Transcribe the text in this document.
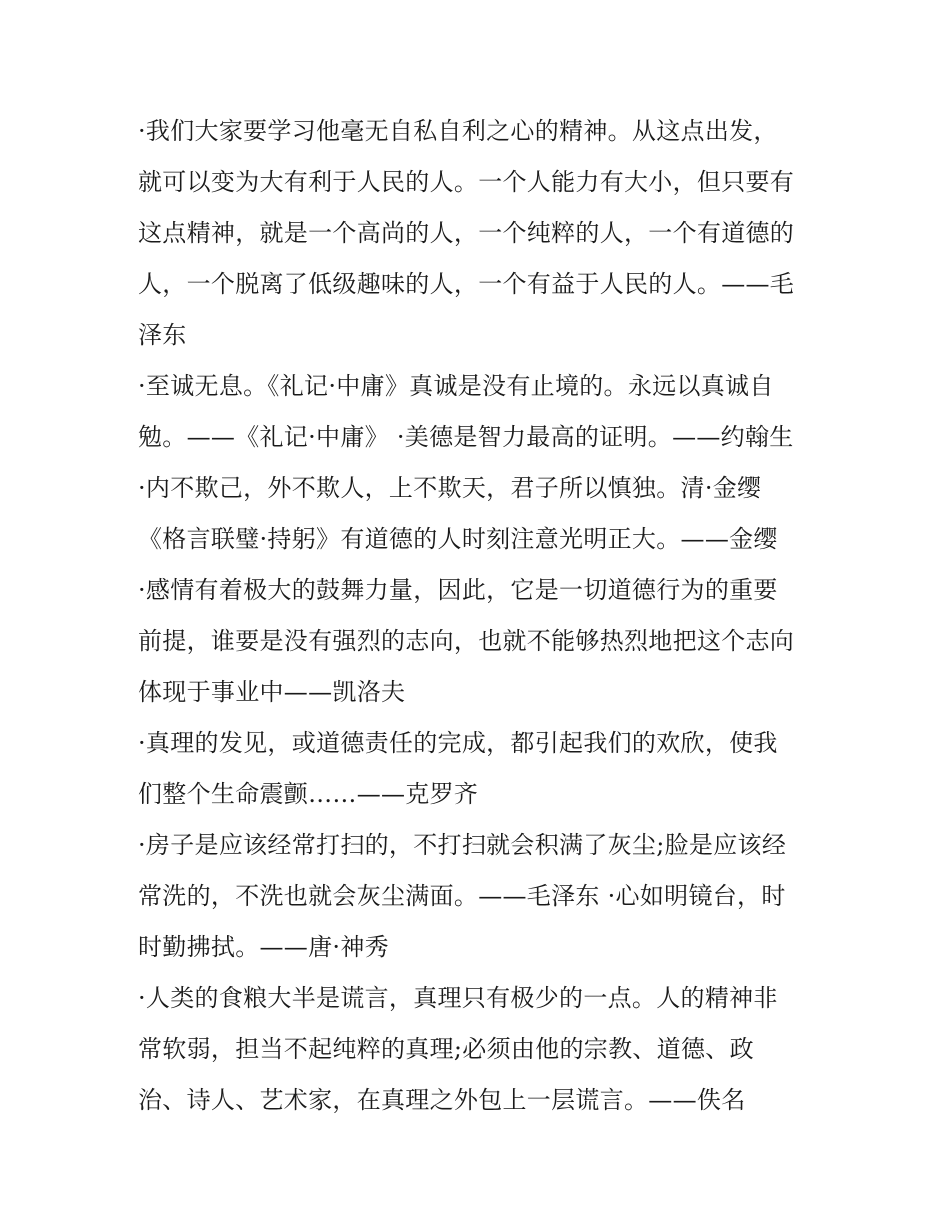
·我们大家要学习他毫无自私自利之心的精神。从这点出发，
就可以变为大有利于人民的人。一个人能力有大小，但只要有
这点精神，就是一个高尚的人，一个纯粹的人，一个有道德的
人，一个脱离了低级趣味的人，一个有益于人民的人。——毛
泽东
·至诚无息。《礼记·中庸》真诚是没有止境的。永远以真诚自
勉。——《礼记·中庸》 ·美德是智力最高的证明。——约翰生
·内不欺己，外不欺人，上不欺天，君子所以慎独。清·金缨
《格言联璧·持躬》有道德的人时刻注意光明正大。——金缨
·感情有着极大的鼓舞力量，因此，它是一切道德行为的重要
前提，谁要是没有强烈的志向，也就不能够热烈地把这个志向
体现于事业中——凯洛夫
·真理的发见，或道德责任的完成，都引起我们的欢欣，使我
们整个生命震颤……——克罗齐
·房子是应该经常打扫的，不打扫就会积满了灰尘;脸是应该经
常洗的，不洗也就会灰尘满面。——毛泽东 ·心如明镜台，时
时勤拂拭。——唐·神秀
·人类的食粮大半是谎言，真理只有极少的一点。人的精神非
常软弱，担当不起纯粹的真理;必须由他的宗教、道德、政
治、诗人、艺术家，在真理之外包上一层谎言。——佚名
